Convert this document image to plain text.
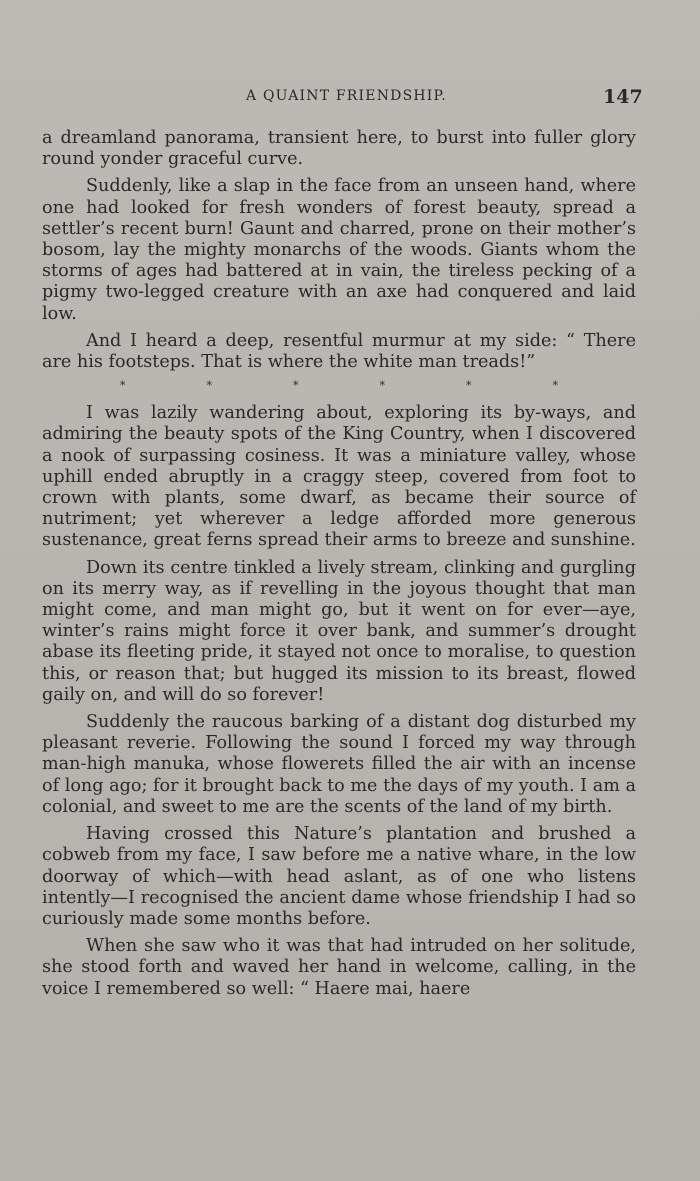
A QUAINT FRIENDSHIP.	147

a dreamland panorama, transient here, to burst into fuller glory round yonder graceful curve.

Suddenly, like a slap in the face from an unseen hand, where one had looked for fresh wonders of forest beauty, spread a settler’s recent burn! Gaunt and charred, prone on their mother’s bosom, lay the mighty monarchs of the woods. Giants whom the storms of ages had battered at in vain, the tireless pecking of a pigmy two-legged creature with an axe had conquered and laid low.

And I heard a deep, resentful murmur at my side: “ There are his footsteps. That is where the white man treads!”

*	*	*	*	*	*

I was lazily wandering about, exploring its by-ways, and admiring the beauty spots of the King Country, when I discovered a nook of surpassing cosiness. It was a miniature valley, whose uphill ended abruptly in a craggy steep, covered from foot to crown with plants, some dwarf, as became their source of nutriment; yet wherever a ledge afforded more generous sustenance, great ferns spread their arms to breeze and sunshine.

Down its centre tinkled a lively stream, clinking and gurgling on its merry way, as if revelling in the joyous thought that man might come, and man might go, but it went on for ever—aye, winter’s rains might force it over bank, and summer’s drought abase its fleeting pride, it stayed not once to moralise, to question this, or reason that; but hugged its mission to its breast, flowed gaily on, and will do so forever!

Suddenly the raucous barking of a distant dog disturbed my pleasant reverie. Following the sound I forced my way through man-high manuka, whose flowerets filled the air with an incense of long ago; for it brought back to me the days of my youth. I am a colonial, and sweet to me are the scents of the land of my birth.

Having crossed this Nature’s plantation and brushed a cobweb from my face, I saw before me a native whare, in the low doorway of which—with head aslant, as of one who listens intently—I recognised the ancient dame whose friendship I had so curiously made some months before.

When she saw who it was that had intruded on her solitude, she stood forth and waved her hand in welcome, calling, in the voice I remembered so well: “ Haere mai, haere
